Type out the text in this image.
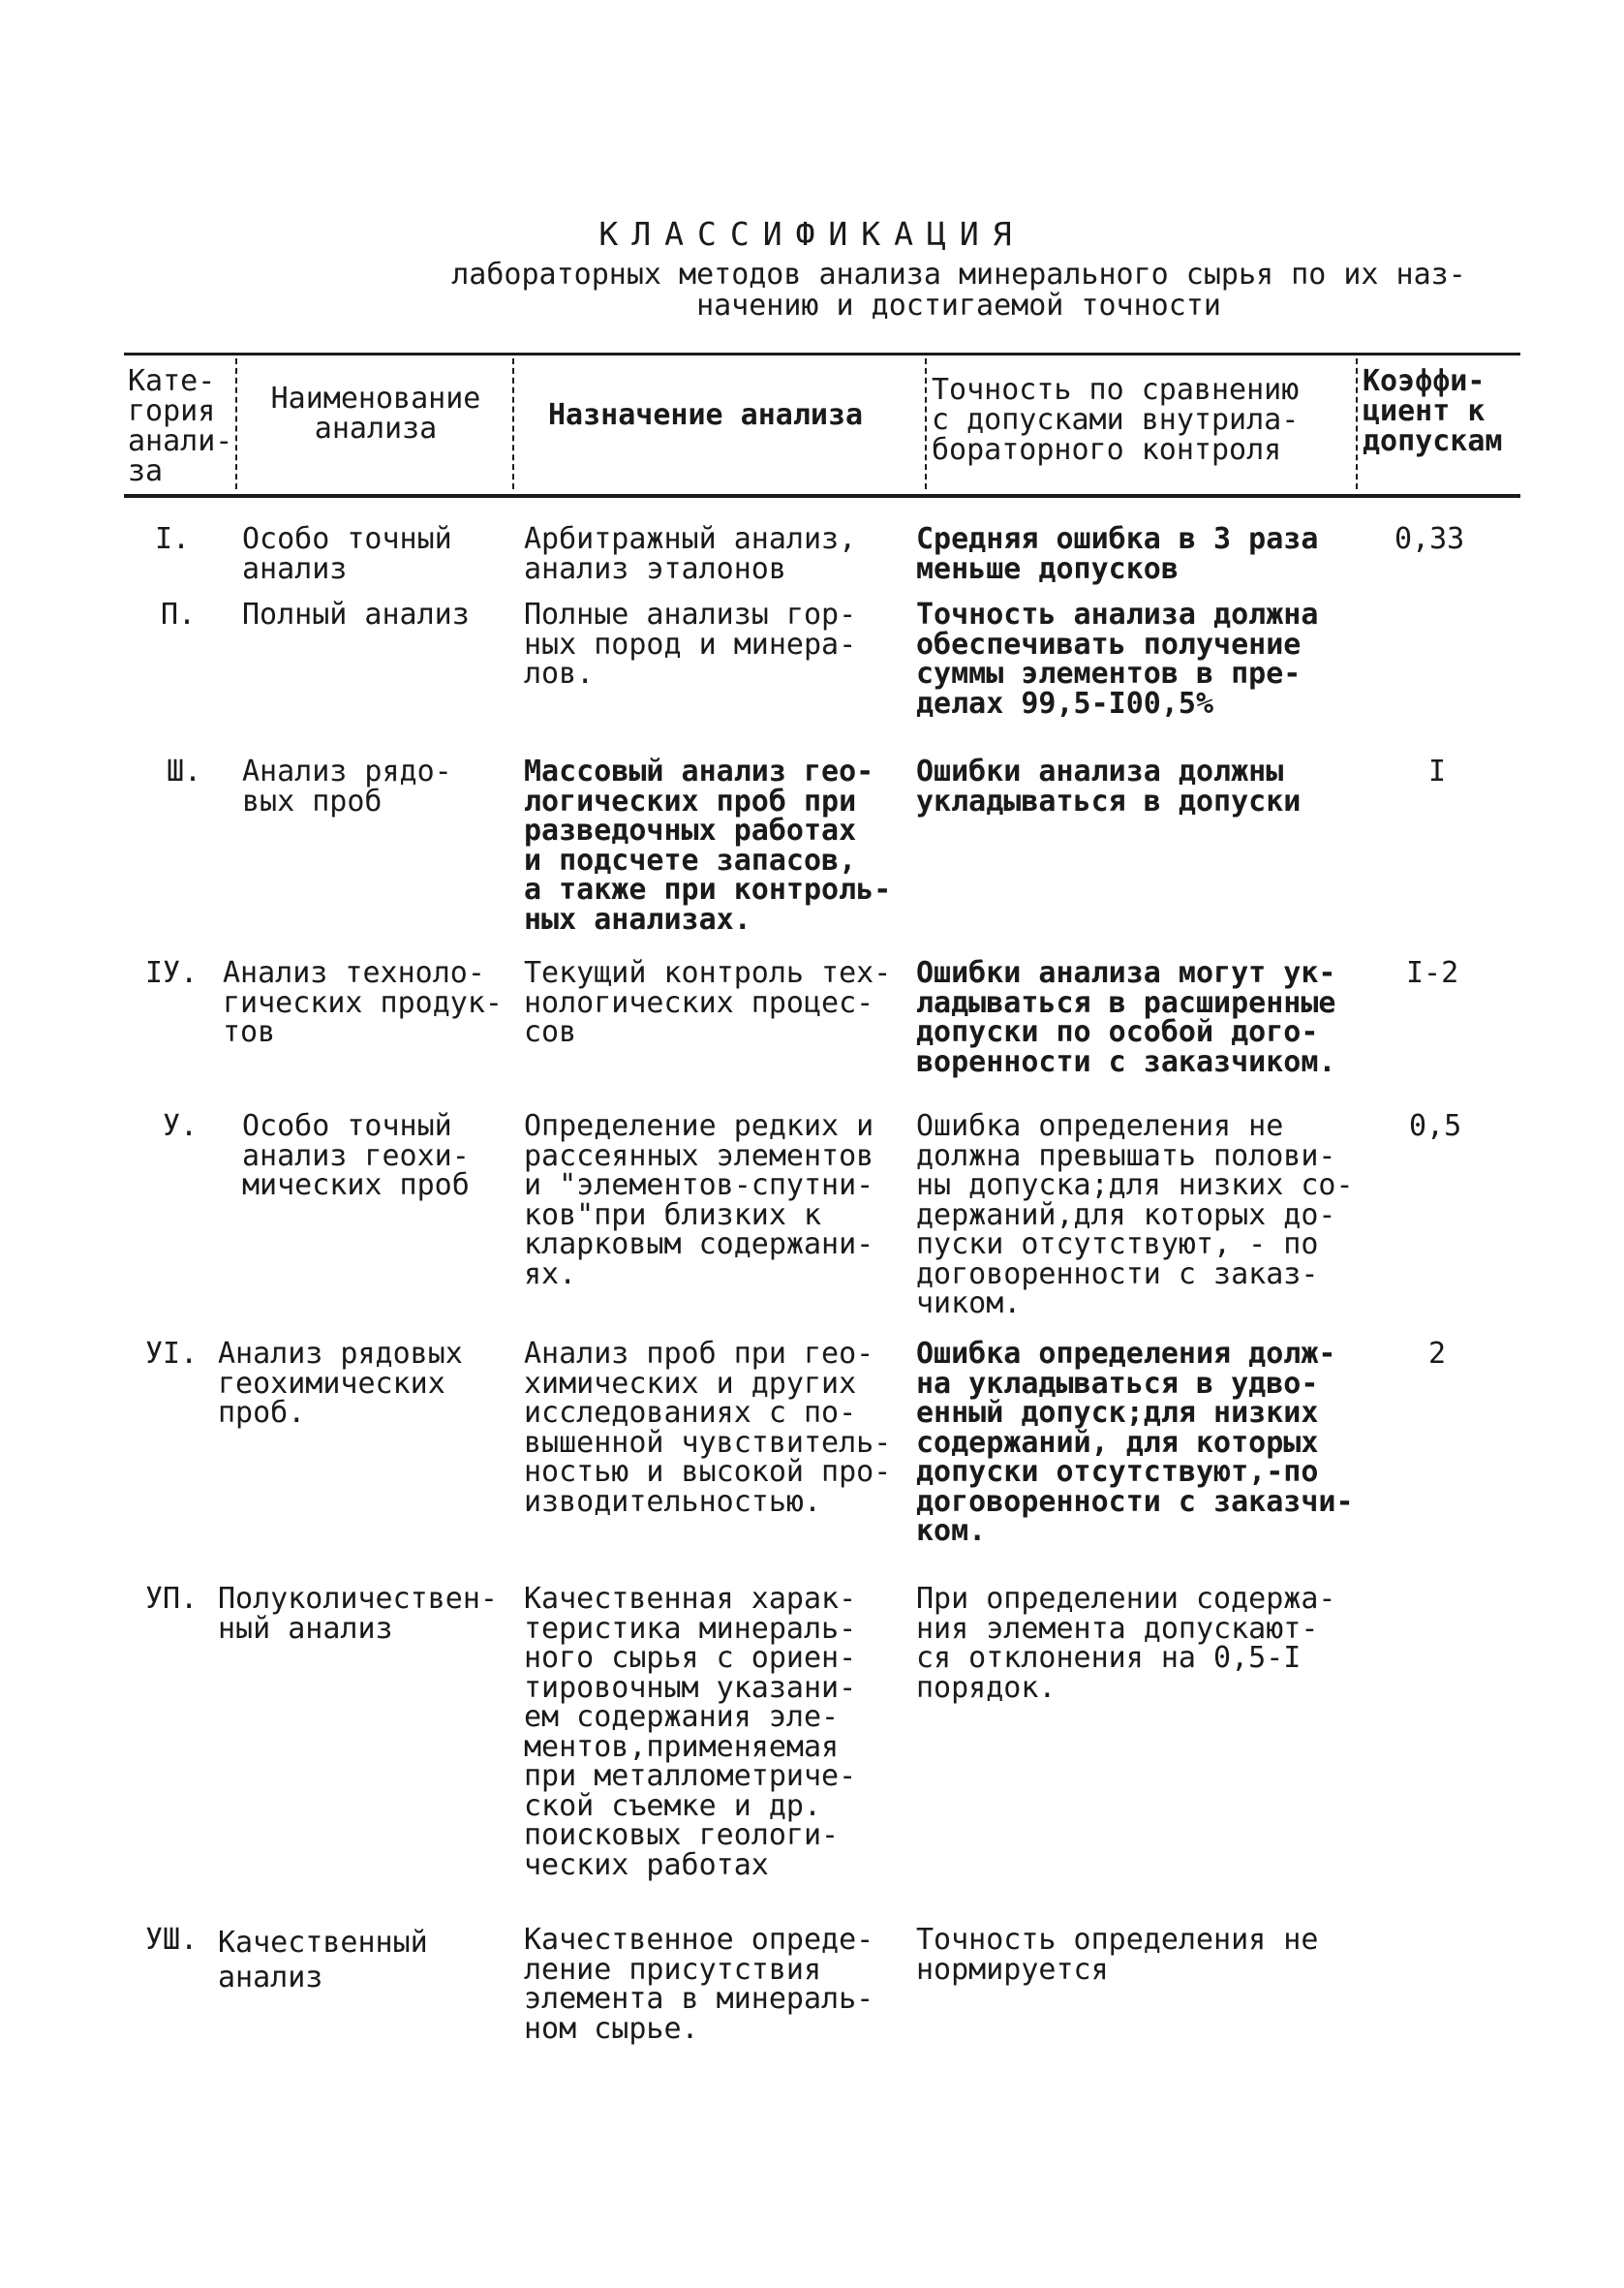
КЛАССИФИКАЦИЯ
лабораторных методов анализа минерального сырья по их наз-
начению и достигаемой точности
Кате-
гория
анали-
за
Наименование
анализа	Назначение анализа
Точность по сравнению
с допусками внутрила-
бораторного контроля
Коэффи-
циент к
допускам
I. Особо точный
анализ
Арбитражный анализ,
анализ эталонов
Средняя ошибка в 3 раза
меньше допусков
0,33
П. Полный анализ Полные анализы гор-
ных пород и минера-
лов.
Точность анализа должна
обеспечивать получение
суммы элементов в пре-
делах 99,5-I00,5%
Ш. Анализ рядо-
вых проб
Массовый анализ гео-
логических проб при
разведочных работах
и подсчете запасов,
а также при контроль-
ных анализах.
Ошибки анализа должны
укладываться в допуски
I
IУ. Анализ техноло-
гических продук-
тов
Текущий контроль тех-
нологических процес-
сов
Ошибки анализа могут ук-
ладываться в расширенные
допуски по особой дого-
воренности с заказчиком.
I-2
У. Особо точный
анализ геохи-
мических проб
Определение редких и
рассеянных элементов
и "элементов-спутни-
ков"при близких к
кларковым содержани-
ях.
Ошибка определения не
должна превышать полови-
ны допуска;для низких со-
держаний,для которых до-
пуски отсутствуют, - по
договоренности с заказ-
чиком.
0,5
УI. Анализ рядовых
геохимических
проб.
Анализ проб при гео-
химических и других
исследованиях с по-
вышенной чувствитель-
ностью и высокой про-
изводительностью.
Ошибка определения долж-
на укладываться в удво-
енный допуск;для низких
содержаний, для которых
допуски отсутствуют,-по
договоренности с заказчи-
ком.
2
УП. Полуколичествен-
ный анализ
Качественная харак-
теристика минераль-
ного сырья с ориен-
тировочным указани-
ем содержания эле-
ментов,применяемая
при металлометриче-
ской съемке и др.
поисковых геологи-
ческих работах
При определении содержа-
ния элемента допускают-
ся отклонения на 0,5-I
порядок.
УШ. Качественный
анализ
Качественное опреде-
ление присутствия
элемента в минераль-
ном сырье.
Точность определения не
нормируется
